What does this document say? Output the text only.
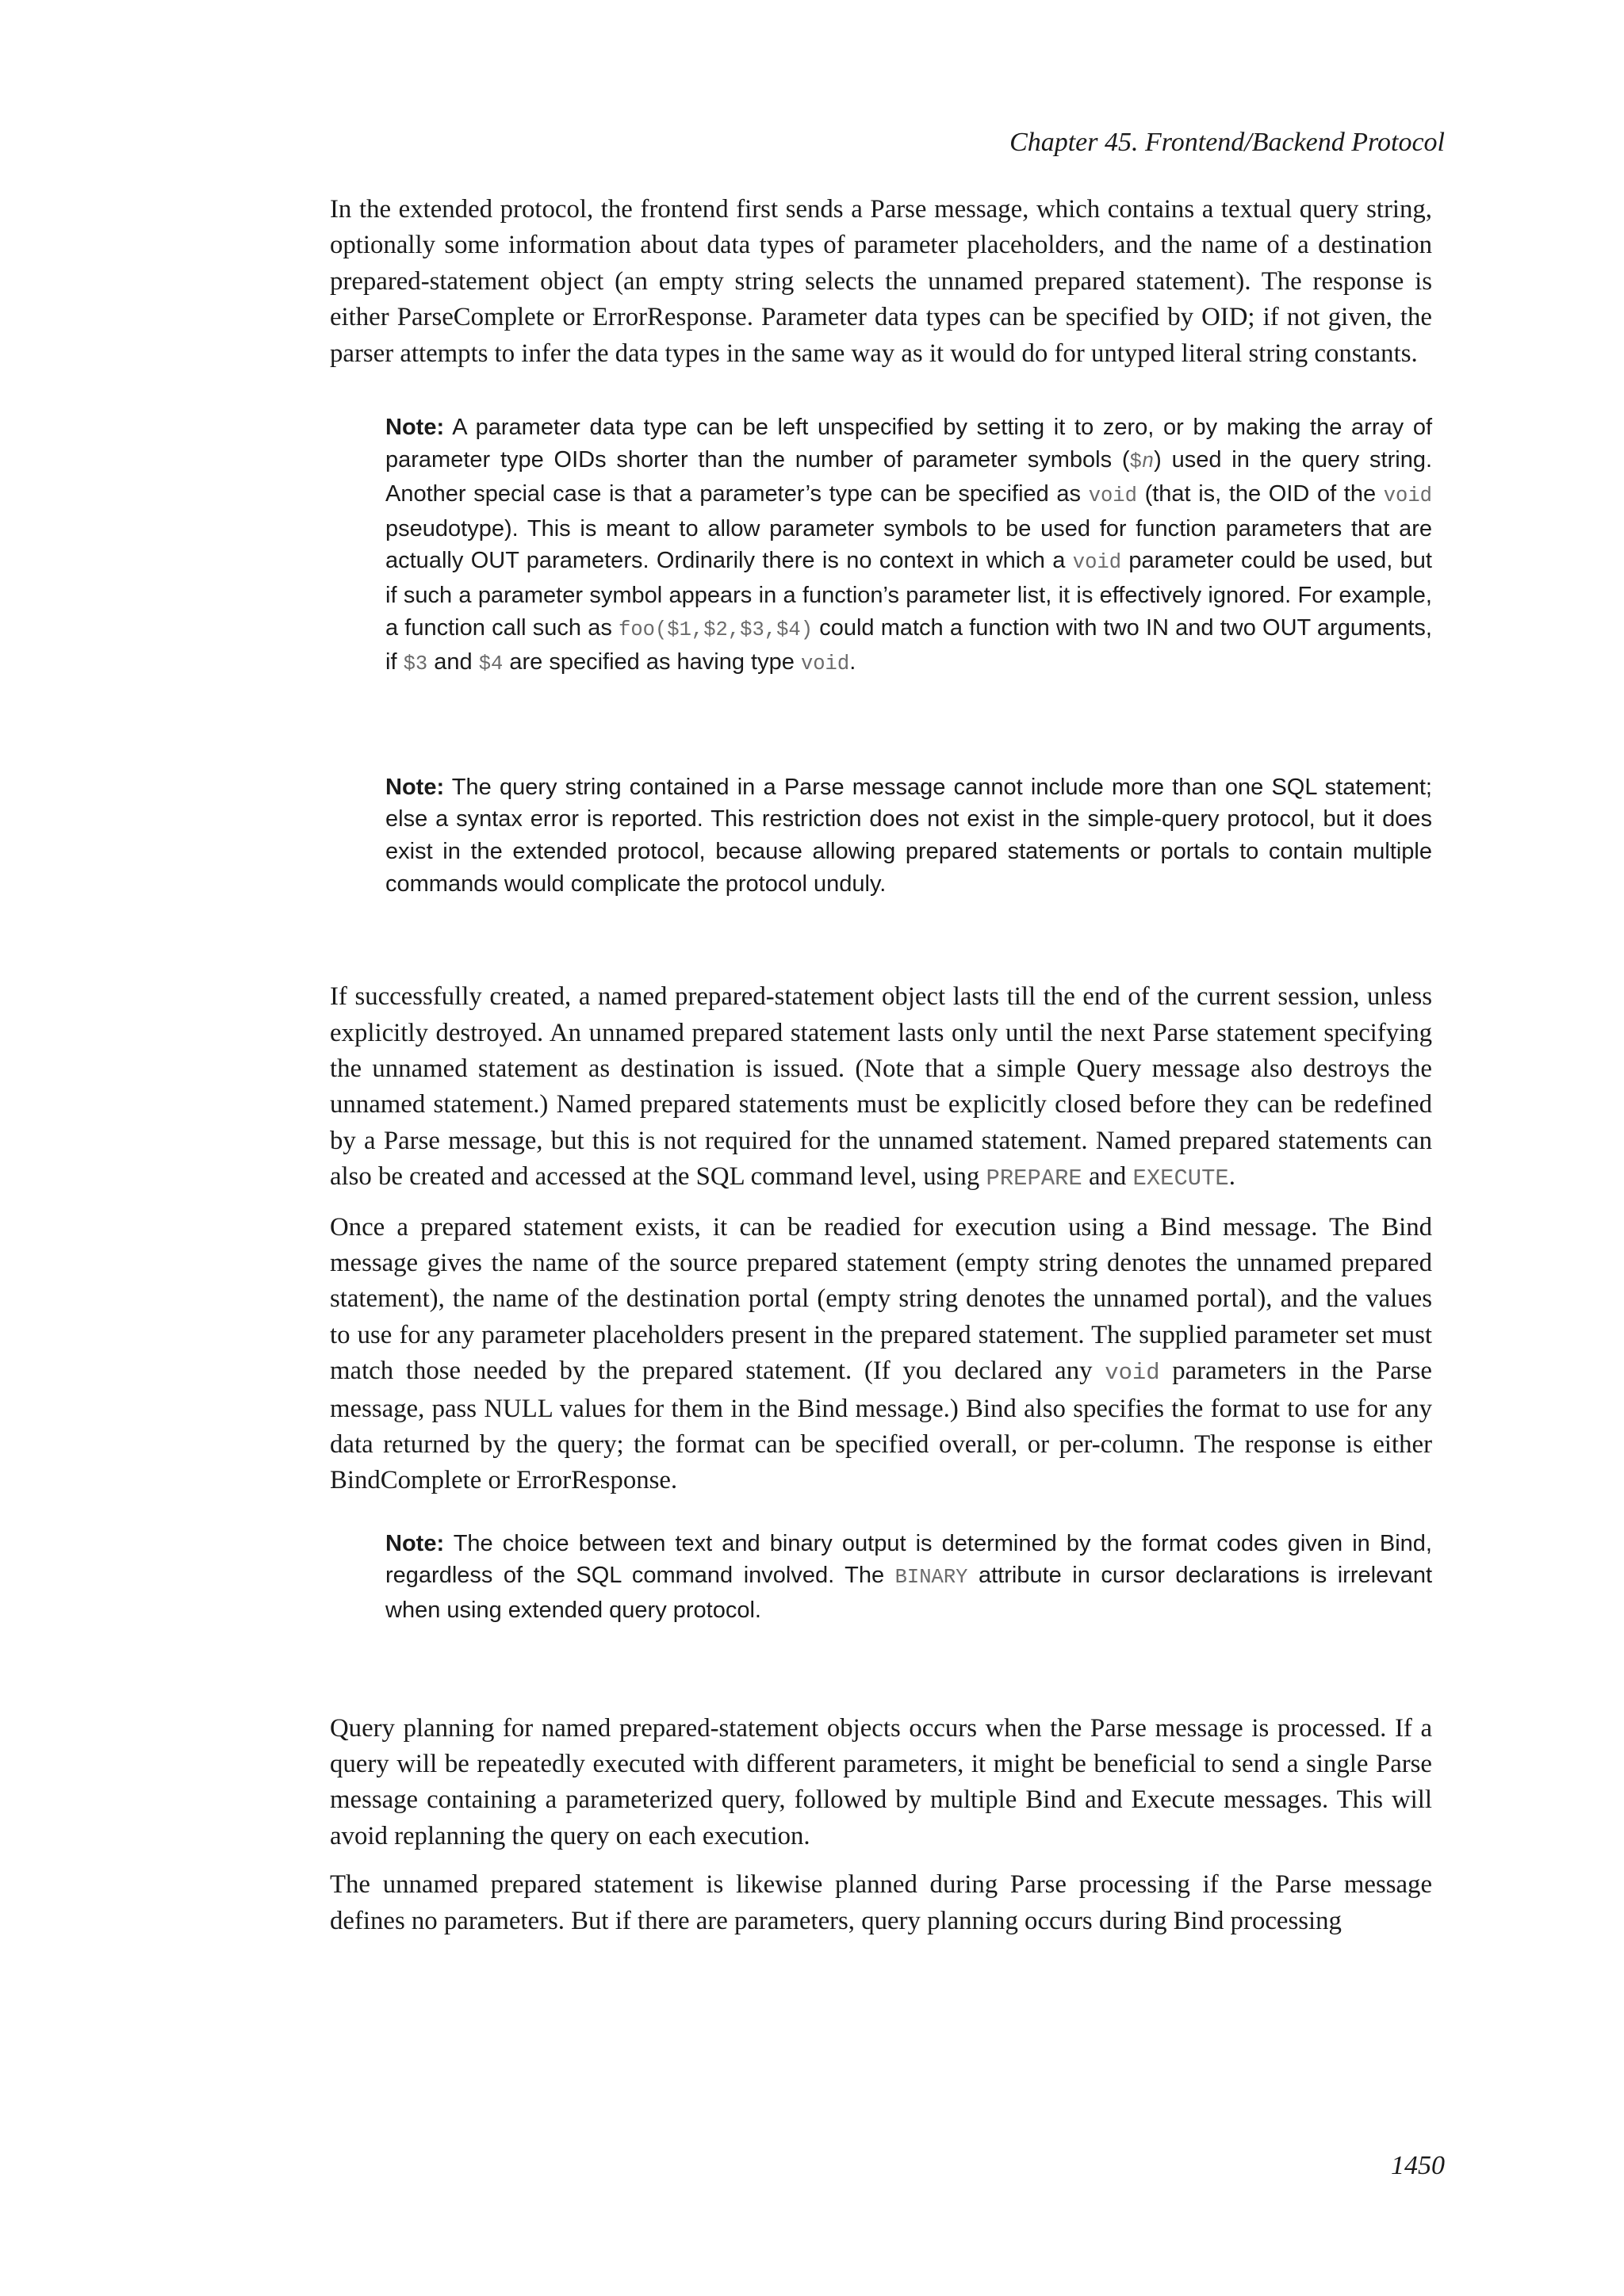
Chapter 45. Frontend/Backend Protocol

In the extended protocol, the frontend first sends a Parse message, which contains a textual query string, optionally some information about data types of parameter placeholders, and the name of a destination prepared-statement object (an empty string selects the unnamed prepared statement). The response is either ParseComplete or ErrorResponse. Parameter data types can be specified by OID; if not given, the parser attempts to infer the data types in the same way as it would do for untyped literal string constants.

Note: A parameter data type can be left unspecified by setting it to zero, or by making the array of parameter type OIDs shorter than the number of parameter symbols ($n) used in the query string. Another special case is that a parameter’s type can be specified as void (that is, the OID of the void pseudotype). This is meant to allow parameter symbols to be used for function parameters that are actually OUT parameters. Ordinarily there is no context in which a void parameter could be used, but if such a parameter symbol appears in a function’s parameter list, it is effectively ignored. For example, a function call such as foo($1,$2,$3,$4) could match a function with two IN and two OUT arguments, if $3 and $4 are specified as having type void.
Note: The query string contained in a Parse message cannot include more than one SQL statement; else a syntax error is reported. This restriction does not exist in the simple-query protocol, but it does exist in the extended protocol, because allowing prepared statements or portals to contain multiple commands would complicate the protocol unduly.

If successfully created, a named prepared-statement object lasts till the end of the current session, unless explicitly destroyed. An unnamed prepared statement lasts only until the next Parse statement specifying the unnamed statement as destination is issued. (Note that a simple Query message also destroys the unnamed statement.) Named prepared statements must be explicitly closed before they can be redefined by a Parse message, but this is not required for the unnamed statement. Named prepared statements can also be created and accessed at the SQL command level, using PREPARE and EXECUTE.

Once a prepared statement exists, it can be readied for execution using a Bind message. The Bind message gives the name of the source prepared statement (empty string denotes the unnamed prepared statement), the name of the destination portal (empty string denotes the unnamed portal), and the values to use for any parameter placeholders present in the prepared statement. The supplied parameter set must match those needed by the prepared statement. (If you declared any void parameters in the Parse message, pass NULL values for them in the Bind message.) Bind also specifies the format to use for any data returned by the query; the format can be specified overall, or per-column. The response is either BindComplete or ErrorResponse.

Note: The choice between text and binary output is determined by the format codes given in Bind, regardless of the SQL command involved. The BINARY attribute in cursor declarations is irrelevant when using extended query protocol.

Query planning for named prepared-statement objects occurs when the Parse message is processed. If a query will be repeatedly executed with different parameters, it might be beneficial to send a single Parse message containing a parameterized query, followed by multiple Bind and Execute messages. This will avoid replanning the query on each execution.

The unnamed prepared statement is likewise planned during Parse processing if the Parse message defines no parameters. But if there are parameters, query planning occurs during Bind processing

1450
